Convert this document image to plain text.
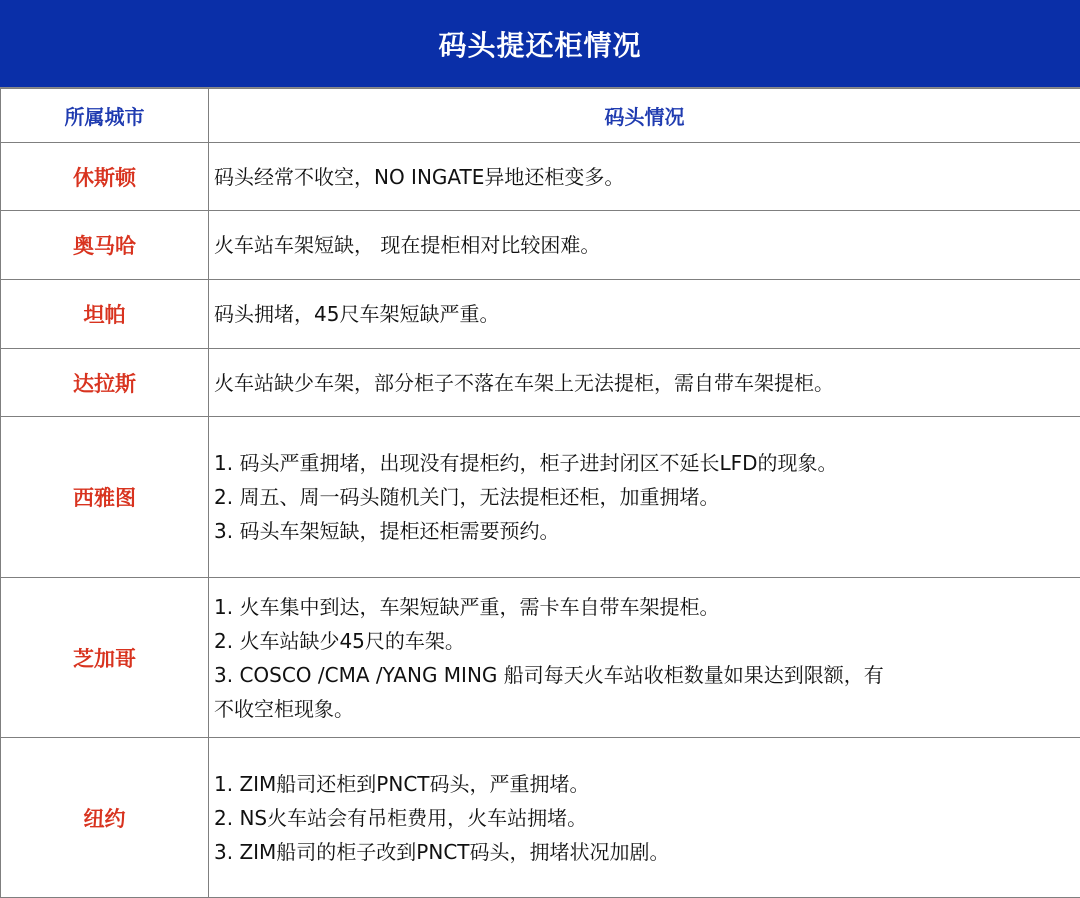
码头提还柜情况
所属城市	码头情况
休斯顿	码头经常不收空，NO INGATE异地还柜变多。

奥马哈	火车站车架短缺， 现在提柜相对比较困难。

坦帕	码头拥堵，45尺车架短缺严重。

达拉斯	火车站缺少车架，部分柜子不落在车架上无法提柜，需自带车架提柜。

西雅图	1. 码头严重拥堵，出现没有提柜约，柜子进封闭区不延长LFD的现象。
2. 周五、周一码头随机关门，无法提柜还柜，加重拥堵。
3. 码头车架短缺，提柜还柜需要预约。

芝加哥	1. 火车集中到达，车架短缺严重，需卡车自带车架提柜。
2. 火车站缺少45尺的车架。
3. COSCO /CMA /YANG MING 船司每天火车站收柜数量如果达到限额，有
不收空柜现象。

纽约	1. ZIM船司还柜到PNCT码头，严重拥堵。
2. NS火车站会有吊柜费用，火车站拥堵。
3. ZIM船司的柜子改到PNCT码头，拥堵状况加剧。
